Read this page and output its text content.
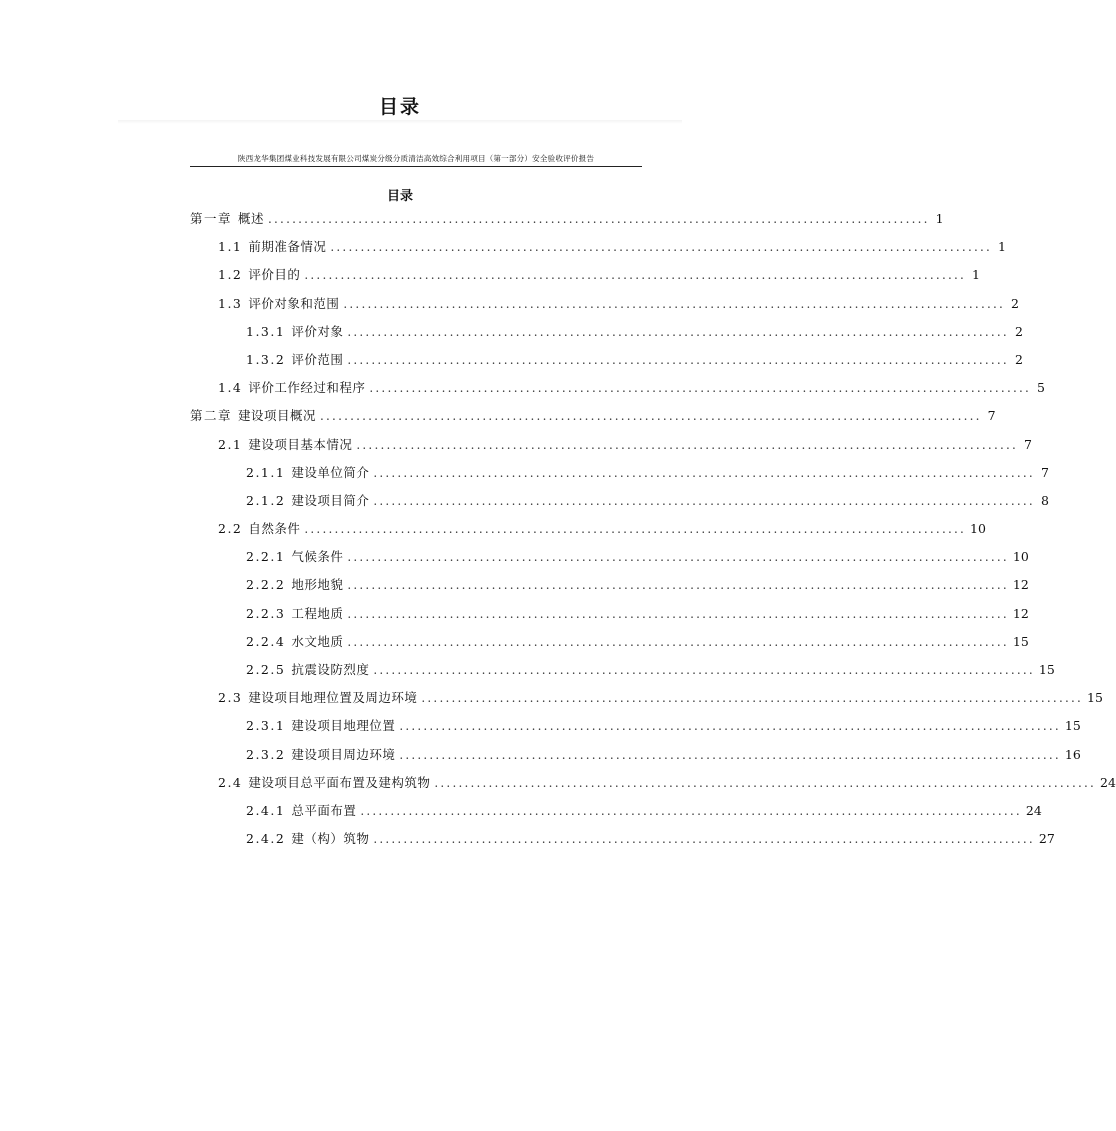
目录
陕西龙华集团煤业科技发展有限公司煤炭分级分质清洁高效综合利用项目（第一部分）安全验收评价报告
目录
第一章 概述 .............................................................................................................. 1
1.1 前期准备情况 .............................................................................................................. 1
1.2 评价目的 .............................................................................................................. 1
1.3 评价对象和范围 .............................................................................................................. 2
1.3.1 评价对象 .............................................................................................................. 2
1.3.2 评价范围 .............................................................................................................. 2
1.4 评价工作经过和程序 .............................................................................................................. 5
第二章 建设项目概况 .............................................................................................................. 7
2.1 建设项目基本情况 .............................................................................................................. 7
2.1.1 建设单位简介 .............................................................................................................. 7
2.1.2 建设项目简介 .............................................................................................................. 8
2.2 自然条件 .............................................................................................................. 10
2.2.1 气候条件 .............................................................................................................. 10
2.2.2 地形地貌 .............................................................................................................. 12
2.2.3 工程地质 .............................................................................................................. 12
2.2.4 水文地质 .............................................................................................................. 15
2.2.5 抗震设防烈度 .............................................................................................................. 15
2.3 建设项目地理位置及周边环境 .............................................................................................................. 15
2.3.1 建设项目地理位置 .............................................................................................................. 15
2.3.2 建设项目周边环境 .............................................................................................................. 16
2.4 建设项目总平面布置及建构筑物 .............................................................................................................. 24
2.4.1 总平面布置 .............................................................................................................. 24
2.4.2 建（构）筑物 .............................................................................................................. 27
